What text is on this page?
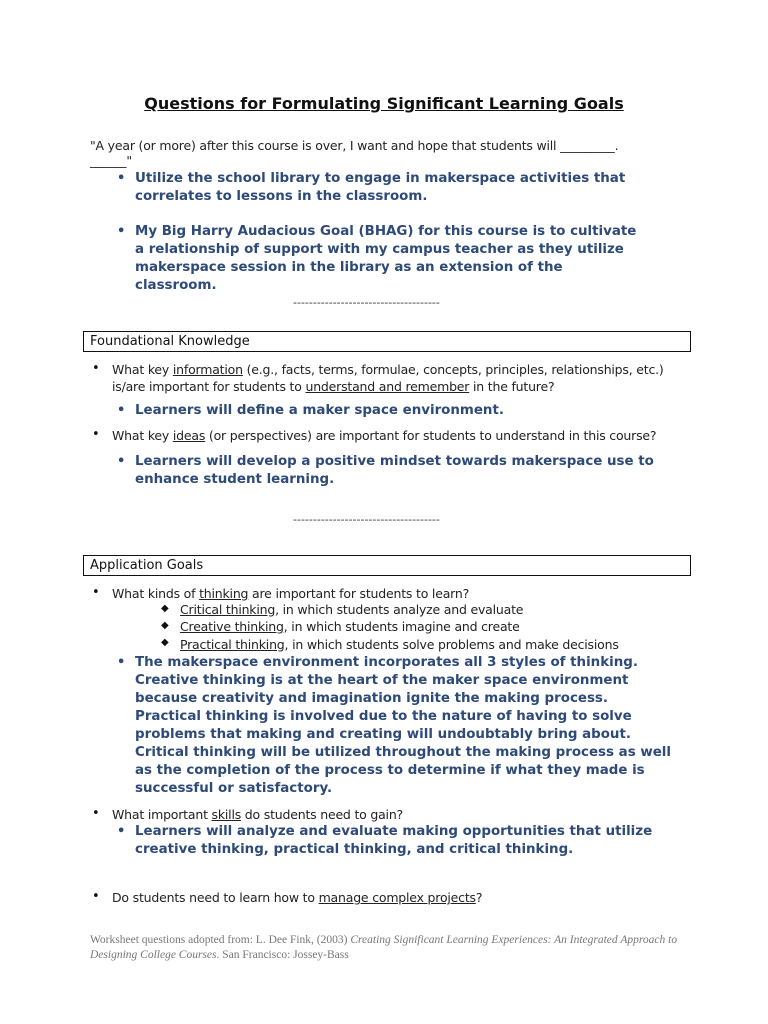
Questions for Formulating Significant Learning Goals
"A year (or more) after this course is over, I want and hope that students will _________.
______"
• Utilize the school library to engage in makerspace activities that correlates to lessons in the classroom.
• My Big Harry Audacious Goal (BHAG) for this course is to cultivate a relationship of support with my campus teacher as they utilize makerspace session in the library as an extension of the classroom.
-------------------------------------
Foundational Knowledge
• What key information (e.g., facts, terms, formulae, concepts, principles, relationships, etc.)
is/are important for students to understand and remember in the future?
• Learners will define a maker space environment.
• What key ideas (or perspectives) are important for students to understand in this course?
• Learners will develop a positive mindset towards makerspace use to enhance student learning.
-------------------------------------
Application Goals
• What kinds of thinking are important for students to learn?
◆ Critical thinking, in which students analyze and evaluate
◆ Creative thinking, in which students imagine and create
◆ Practical thinking, in which students solve problems and make decisions
• The makerspace environment incorporates all 3 styles of thinking. Creative thinking is at the heart of the maker space environment because creativity and imagination ignite the making process. Practical thinking is involved due to the nature of having to solve problems that making and creating will undoubtably bring about. Critical thinking will be utilized throughout the making process as well as the completion of the process to determine if what they made is successful or satisfactory.
• What important skills do students need to gain?
• Learners will analyze and evaluate making opportunities that utilize creative thinking, practical thinking, and critical thinking.
• Do students need to learn how to manage complex projects?
Worksheet questions adopted from: L. Dee Fink, (2003) Creating Significant Learning Experiences: An Integrated Approach to Designing College Courses. San Francisco: Jossey-Bass
